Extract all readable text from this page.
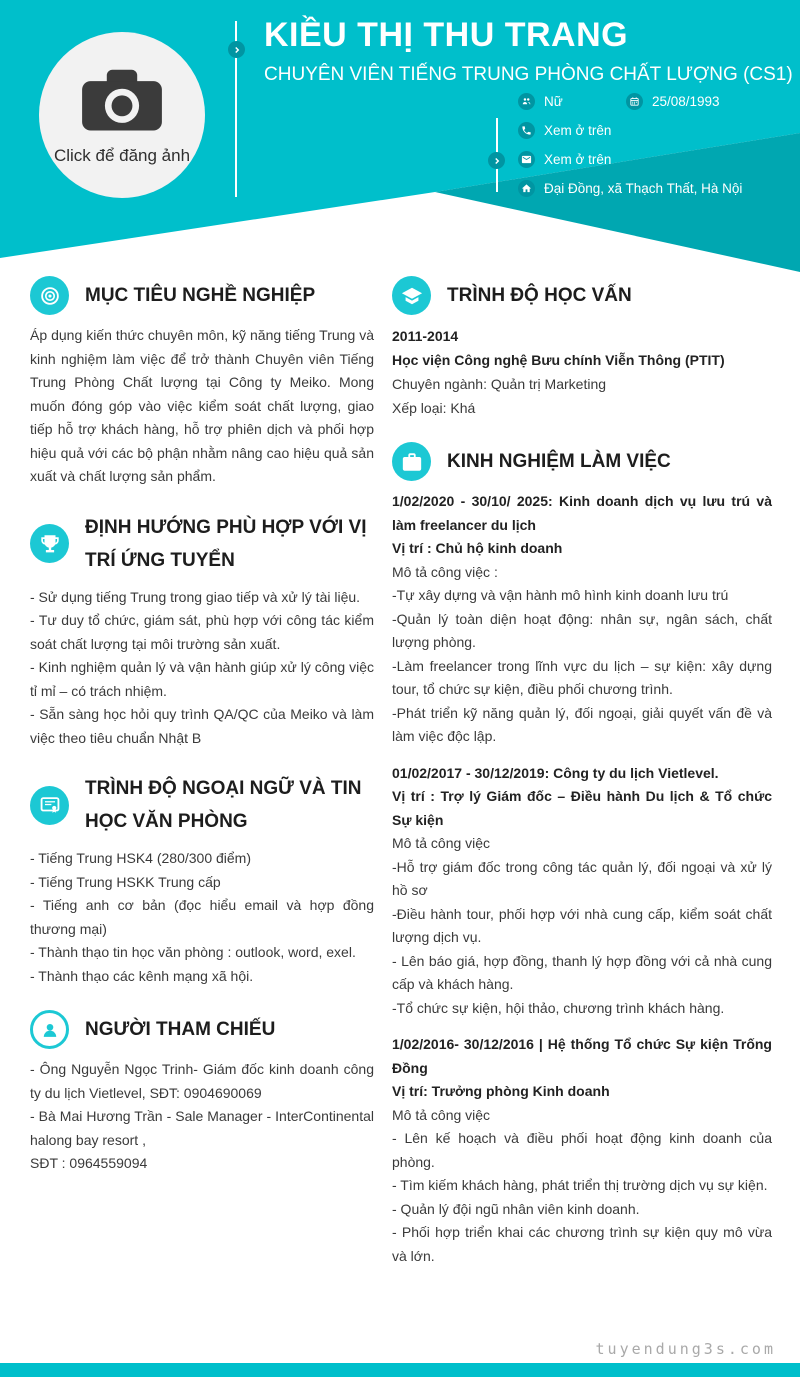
Click để đăng ảnh
KIỀU THỊ THU TRANG
CHUYÊN VIÊN TIẾNG TRUNG PHÒNG CHẤT LƯỢNG (CS1)
Nữ	25/08/1993
Xem ở trên
Xem ở trên
Đại Đồng, xã Thạch Thất, Hà Nội
MỤC TIÊU NGHỀ NGHIỆP

Áp dụng kiến thức chuyên môn, kỹ năng tiếng Trung và kinh nghiệm làm việc để trở thành Chuyên viên Tiếng Trung Phòng Chất lượng tại Công ty Meiko. Mong muốn đóng góp vào việc kiểm soát chất lượng, giao tiếp hỗ trợ khách hàng, hỗ trợ phiên dịch và phối hợp hiệu quả với các bộ phận nhằm nâng cao hiệu quả sản xuất và chất lượng sản phẩm.

ĐỊNH HƯỚNG PHÙ HỢP VỚI VỊ TRÍ ỨNG TUYỂN

- Sử dụng tiếng Trung trong giao tiếp và xử lý tài liệu.

- Tư duy tổ chức, giám sát, phù hợp với công tác kiểm soát chất lượng tại môi trường sản xuất.

- Kinh nghiệm quản lý và vận hành giúp xử lý công việc tỉ mỉ – có trách nhiệm.

- Sẵn sàng học hỏi quy trình QA/QC của Meiko và làm việc theo tiêu chuẩn Nhật B

TRÌNH ĐỘ NGOẠI NGỮ VÀ TIN HỌC VĂN PHÒNG

- Tiếng Trung HSK4 (280/300 điểm)

- Tiếng Trung HSKK Trung cấp

- Tiếng anh cơ bản (đọc hiểu email và hợp đồng thương mại)

- Thành thạo tin học văn phòng : outlook, word, exel.

- Thành thạo các kênh mạng xã hội.

NGƯỜI THAM CHIẾU

- Ông Nguyễn Ngọc Trinh- Giám đốc kinh doanh công ty du lịch Vietlevel, SĐT: 0904690069

- Bà Mai Hương Trần - Sale Manager - InterContinental halong bay resort ,

SĐT : 0964559094

TRÌNH ĐỘ HỌC VẤN
2011-2014
Học viện Công nghệ Bưu chính Viễn Thông (PTIT)
Chuyên ngành: Quản trị Marketing
Xếp loại: Khá
KINH NGHIỆM LÀM VIỆC
1/02/2020 - 30/10/ 2025: Kinh doanh dịch vụ lưu trú và làm freelancer du lịch
Vị trí : Chủ hộ kinh doanh
Mô tả công việc :
-Tự xây dựng và vận hành mô hình kinh doanh lưu trú
-Quản lý toàn diện hoạt động: nhân sự, ngân sách, chất lượng phòng.
-Làm freelancer trong lĩnh vực du lịch – sự kiện: xây dựng tour, tổ chức sự kiện, điều phối chương trình.
-Phát triển kỹ năng quản lý, đối ngoại, giải quyết vấn đề và làm việc độc lập.
01/02/2017 - 30/12/2019: Công ty du lịch Vietlevel.
Vị trí : Trợ lý Giám đốc – Điều hành Du lịch & Tổ chức Sự kiện
Mô tả công việc
-Hỗ trợ giám đốc trong công tác quản lý, đối ngoại và xử lý hồ sơ
-Điều hành tour, phối hợp với nhà cung cấp, kiểm soát chất lượng dịch vụ.
- Lên báo giá, hợp đồng, thanh lý hợp đồng với cả nhà cung cấp và khách hàng.
-Tổ chức sự kiện, hội thảo, chương trình khách hàng.
1/02/2016- 30/12/2016 | Hệ thống Tổ chức Sự kiện Trống Đồng
Vị trí: Trưởng phòng Kinh doanh
Mô tả công việc
- Lên kế hoạch và điều phối hoạt động kinh doanh của phòng.
- Tìm kiếm khách hàng, phát triển thị trường dịch vụ sự kiện.
- Quản lý đội ngũ nhân viên kinh doanh.
- Phối hợp triển khai các chương trình sự kiện quy mô vừa và lớn.
tuyendung3s.com
